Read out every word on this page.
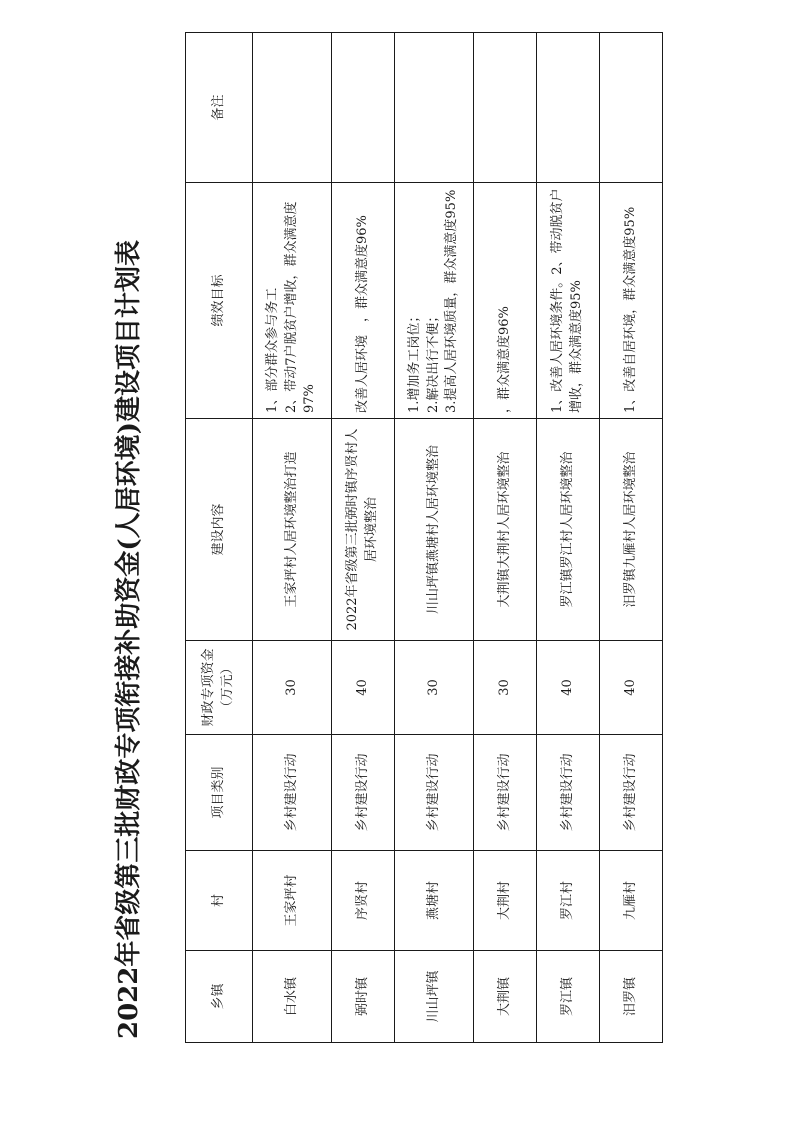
2022年省级第三批财政专项衔接补助资金(人居环境)建设项目计划表	乡镇	村	项目类别	财政专项资金（万元）	建设内容	绩效目标	备注
白水镇	王家坪村	乡村建设行动	30	王家坪村人居环境整治打造	1、部分群众参与务工 2、带动7户脱贫户增收，群众满意度97%	

弼时镇	序贤村	乡村建设行动	40	2022年省级第三批弼时镇序贤村人居环境整治	改善人居环境　，群众满意度96%	

川山坪镇	燕塘村	乡村建设行动	30	川山坪镇燕塘村人居环境整治	1.增加务工岗位； 2.解决出行不便； 3.提高人居环境质量，群众满意度95%	

大荆镇	大荆村	乡村建设行动	30	大荆镇大荆村人居环境整治	，群众满意度96%	

罗江镇	罗江村	乡村建设行动	40	罗江镇罗江村人居环境整治	1、改善人居环境条件。2、带动脱贫户增收，群众满意度95%	

汨罗镇	九雁村	乡村建设行动	40	汨罗镇九雁村人居环境整治	1、改善自居环境，群众满意度95%	
